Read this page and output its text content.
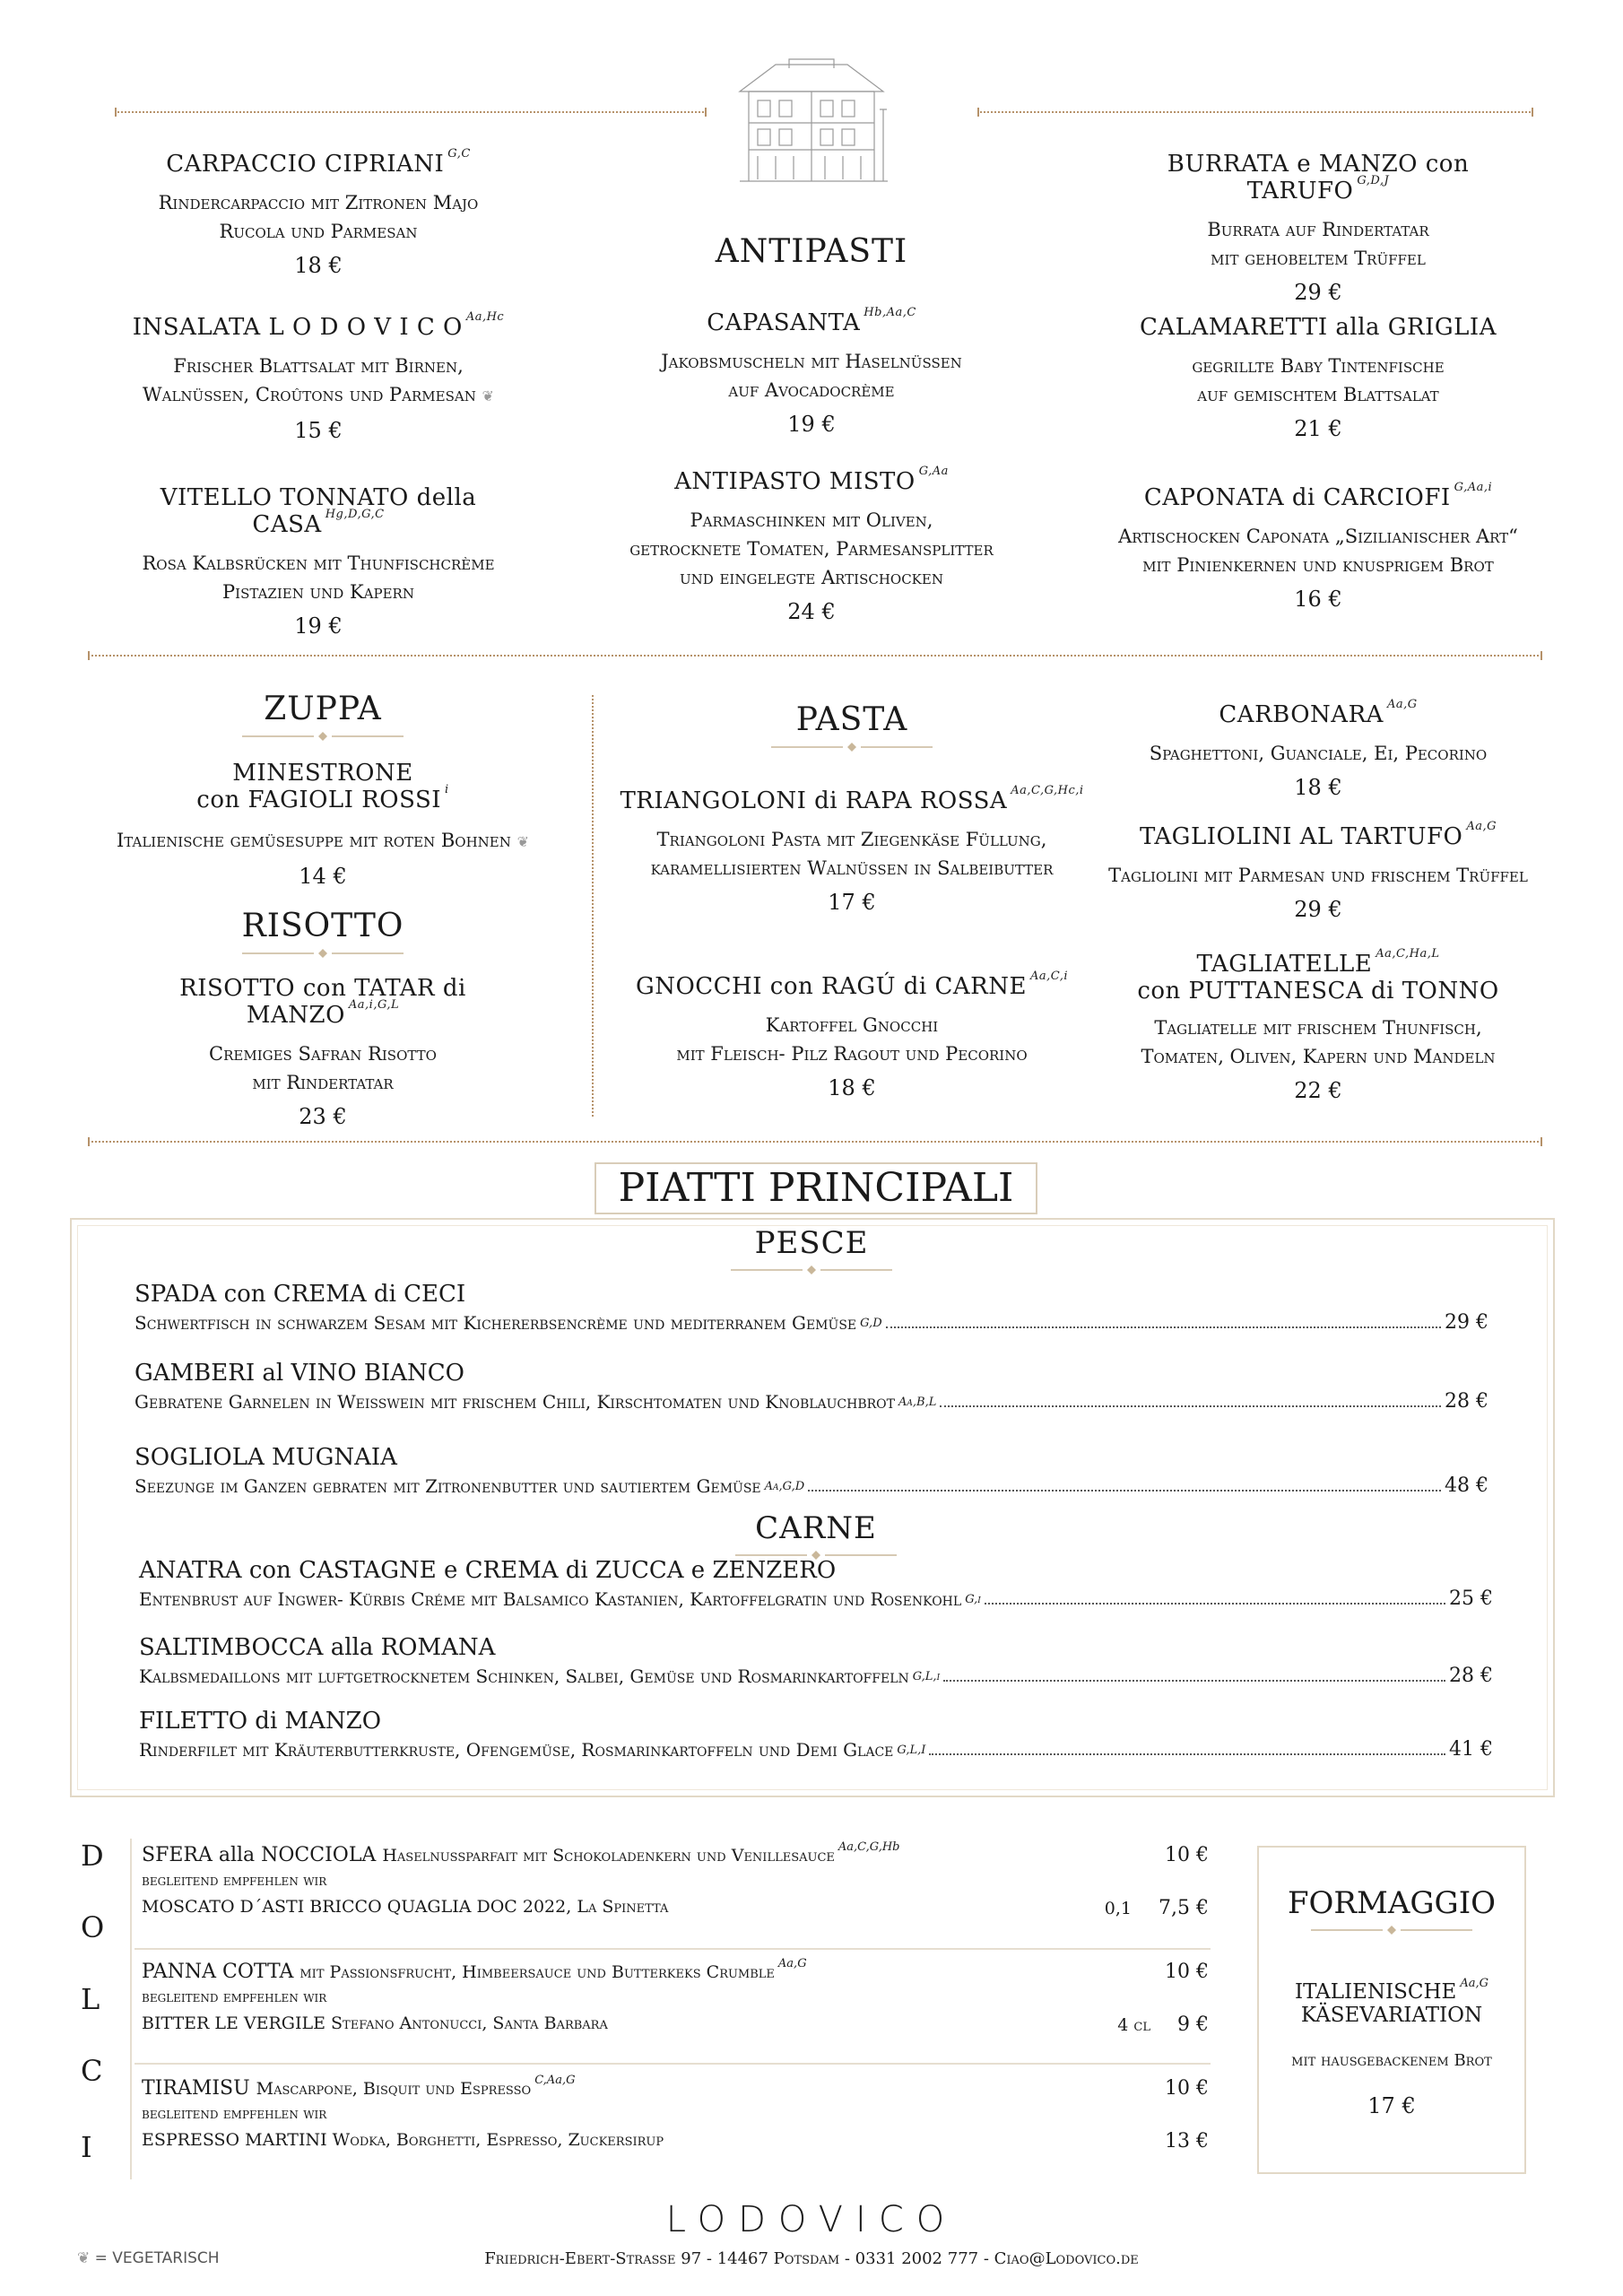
ANTIPASTI
CARPACCIO CIPRIANI $^{G,C}$
Rindercarpaccio mit Zitronen Majo
Rucola und Parmesan
18 €
BURRATA e MANZO con TARUFO $^{G,D,J}$
Burrata auf Rindertatar
mit gehobeltem Trüffel
29 €
INSALATA L O D O V I C O $^{Aa,Hc}$
Frischer Blattsalat mit Birnen,
Walnüssen, Croûtons und Parmesan ❦
15 €
CAPASANTA $^{Hb,Aa,C}$
Jakobsmuscheln mit Haselnüssen
auf Avocadocrème
19 €
CALAMARETTI alla GRIGLIA
gegrillte Baby Tintenfische
auf gemischtem Blattsalat
21 €
VITELLO TONNATO della CASA $^{Hg,D,G,C}$
Rosa Kalbsrücken mit Thunfischcrème
Pistazien und Kapern
19 €
ANTIPASTO MISTO $^{G,Aa}$
Parmaschinken mit Oliven,
getrocknete Tomaten, Parmesansplitter
und eingelegte Artischocken
24 €
CAPONATA di CARCIOFI $^{G,Aa,i}$
Artischocken Caponata „Sizilianischer Art“
mit Pinienkernen und knusprigem Brot
16 €
ZUPPA
MINESTRONE
con FAGIOLI ROSSI $^i$
Italienische gemüsesuppe mit roten Bohnen ❦
14 €
RISOTTO
RISOTTO con TATAR di MANZO $^{Aa,i,G,L}$
Cremiges Safran Risotto
mit Rindertatar
23 €
PASTA
TRIANGOLONI di RAPA ROSSA $^{Aa,C,G,Hc,i}$
Triangoloni Pasta mit Ziegenkäse Füllung,
karamellisierten Walnüssen in Salbeibutter
17 €
GNOCCHI con RAGÚ di CARNE $^{Aa,C,i}$
Kartoffel Gnocchi
mit Fleisch- Pilz Ragout und Pecorino
18 €
CARBONARA $^{Aa,G}$
Spaghettoni, Guanciale, Ei, Pecorino
18 €
TAGLIOLINI AL TARTUFO $^{Aa,G}$
Tagliolini mit Parmesan und frischem Trüffel
29 €
TAGLIATELLE $^{Aa,C,Ha,L}$
con PUTTANESCA di TONNO
Tagliatelle mit frischem Thunfisch,
Tomaten, Oliven, Kapern und Mandeln
22 €
PIATTI PRINCIPALI
PESCE
SPADA con CREMA di CECI
Schwertfisch in schwarzem Sesam mit Kichererbsencrème und mediterranem Gemüse $^{G,D}$	29 €
GAMBERI al VINO BIANCO
Gebratene Garnelen in Weisswein mit frischem Chili, Kirschtomaten und Knoblauchbrot $^{Aa,B,L}$	28 €
SOGLIOLA MUGNAIA
Seezunge im Ganzen gebraten mit Zitronenbutter und sautiertem Gemüse $^{Aa,G,D}$	48 €
CARNE
ANATRA con CASTAGNE e CREMA di ZUCCA e ZENZERO
Entenbrust auf Ingwer- Kürbis Créme mit Balsamico Kastanien, Kartoffelgratin und Rosenkohl $^{G,i}$	25 €
SALTIMBOCCA alla ROMANA
Kalbsmedaillons mit luftgetrocknetem Schinken, Salbei, Gemüse und Rosmarinkartoffeln $^{G,L,i}$	28 €
FILETTO di MANZO
Rinderfilet mit Kräuterbutterkruste, Ofengemüse, Rosmarinkartoffeln und Demi Glace $^{G,L,I}$	41 €
D
O
L
C
I
SFERA alla NOCCIOLA Haselnussparfait mit Schokoladenkern und Venillesauce $^{Aa,C,G,Hb}$	10 €
begleitend empfehlen wir
MOSCATO D´ASTI BRICCO QUAGLIA DOC 2022, La Spinetta	0,1 7,5 €
PANNA COTTA mit Passionsfrucht, Himbeersauce und Butterkeks Crumble $^{Aa,G}$	10 €
begleitend empfehlen wir
BITTER LE VERGILE Stefano Antonucci, Santa Barbara	4 cl 9 €
TIRAMISU Mascarpone, Bisquit und Espresso $^{C,Aa,G}$	10 €
begleitend empfehlen wir
ESPRESSO MARTINI Wodka, Borghetti, Espresso, Zuckersirup	13 €
FORMAGGIO
ITALIENISCHE $^{Aa,G}$
KÄSEVARIATION
mit hausgebackenem Brot
17 €
LODOVICO
Friedrich-Ebert-Strasse 97 - 14467 Potsdam - 0331 2002 777 - Ciao@Lodovico.de
❦ = VEGETARISCH
